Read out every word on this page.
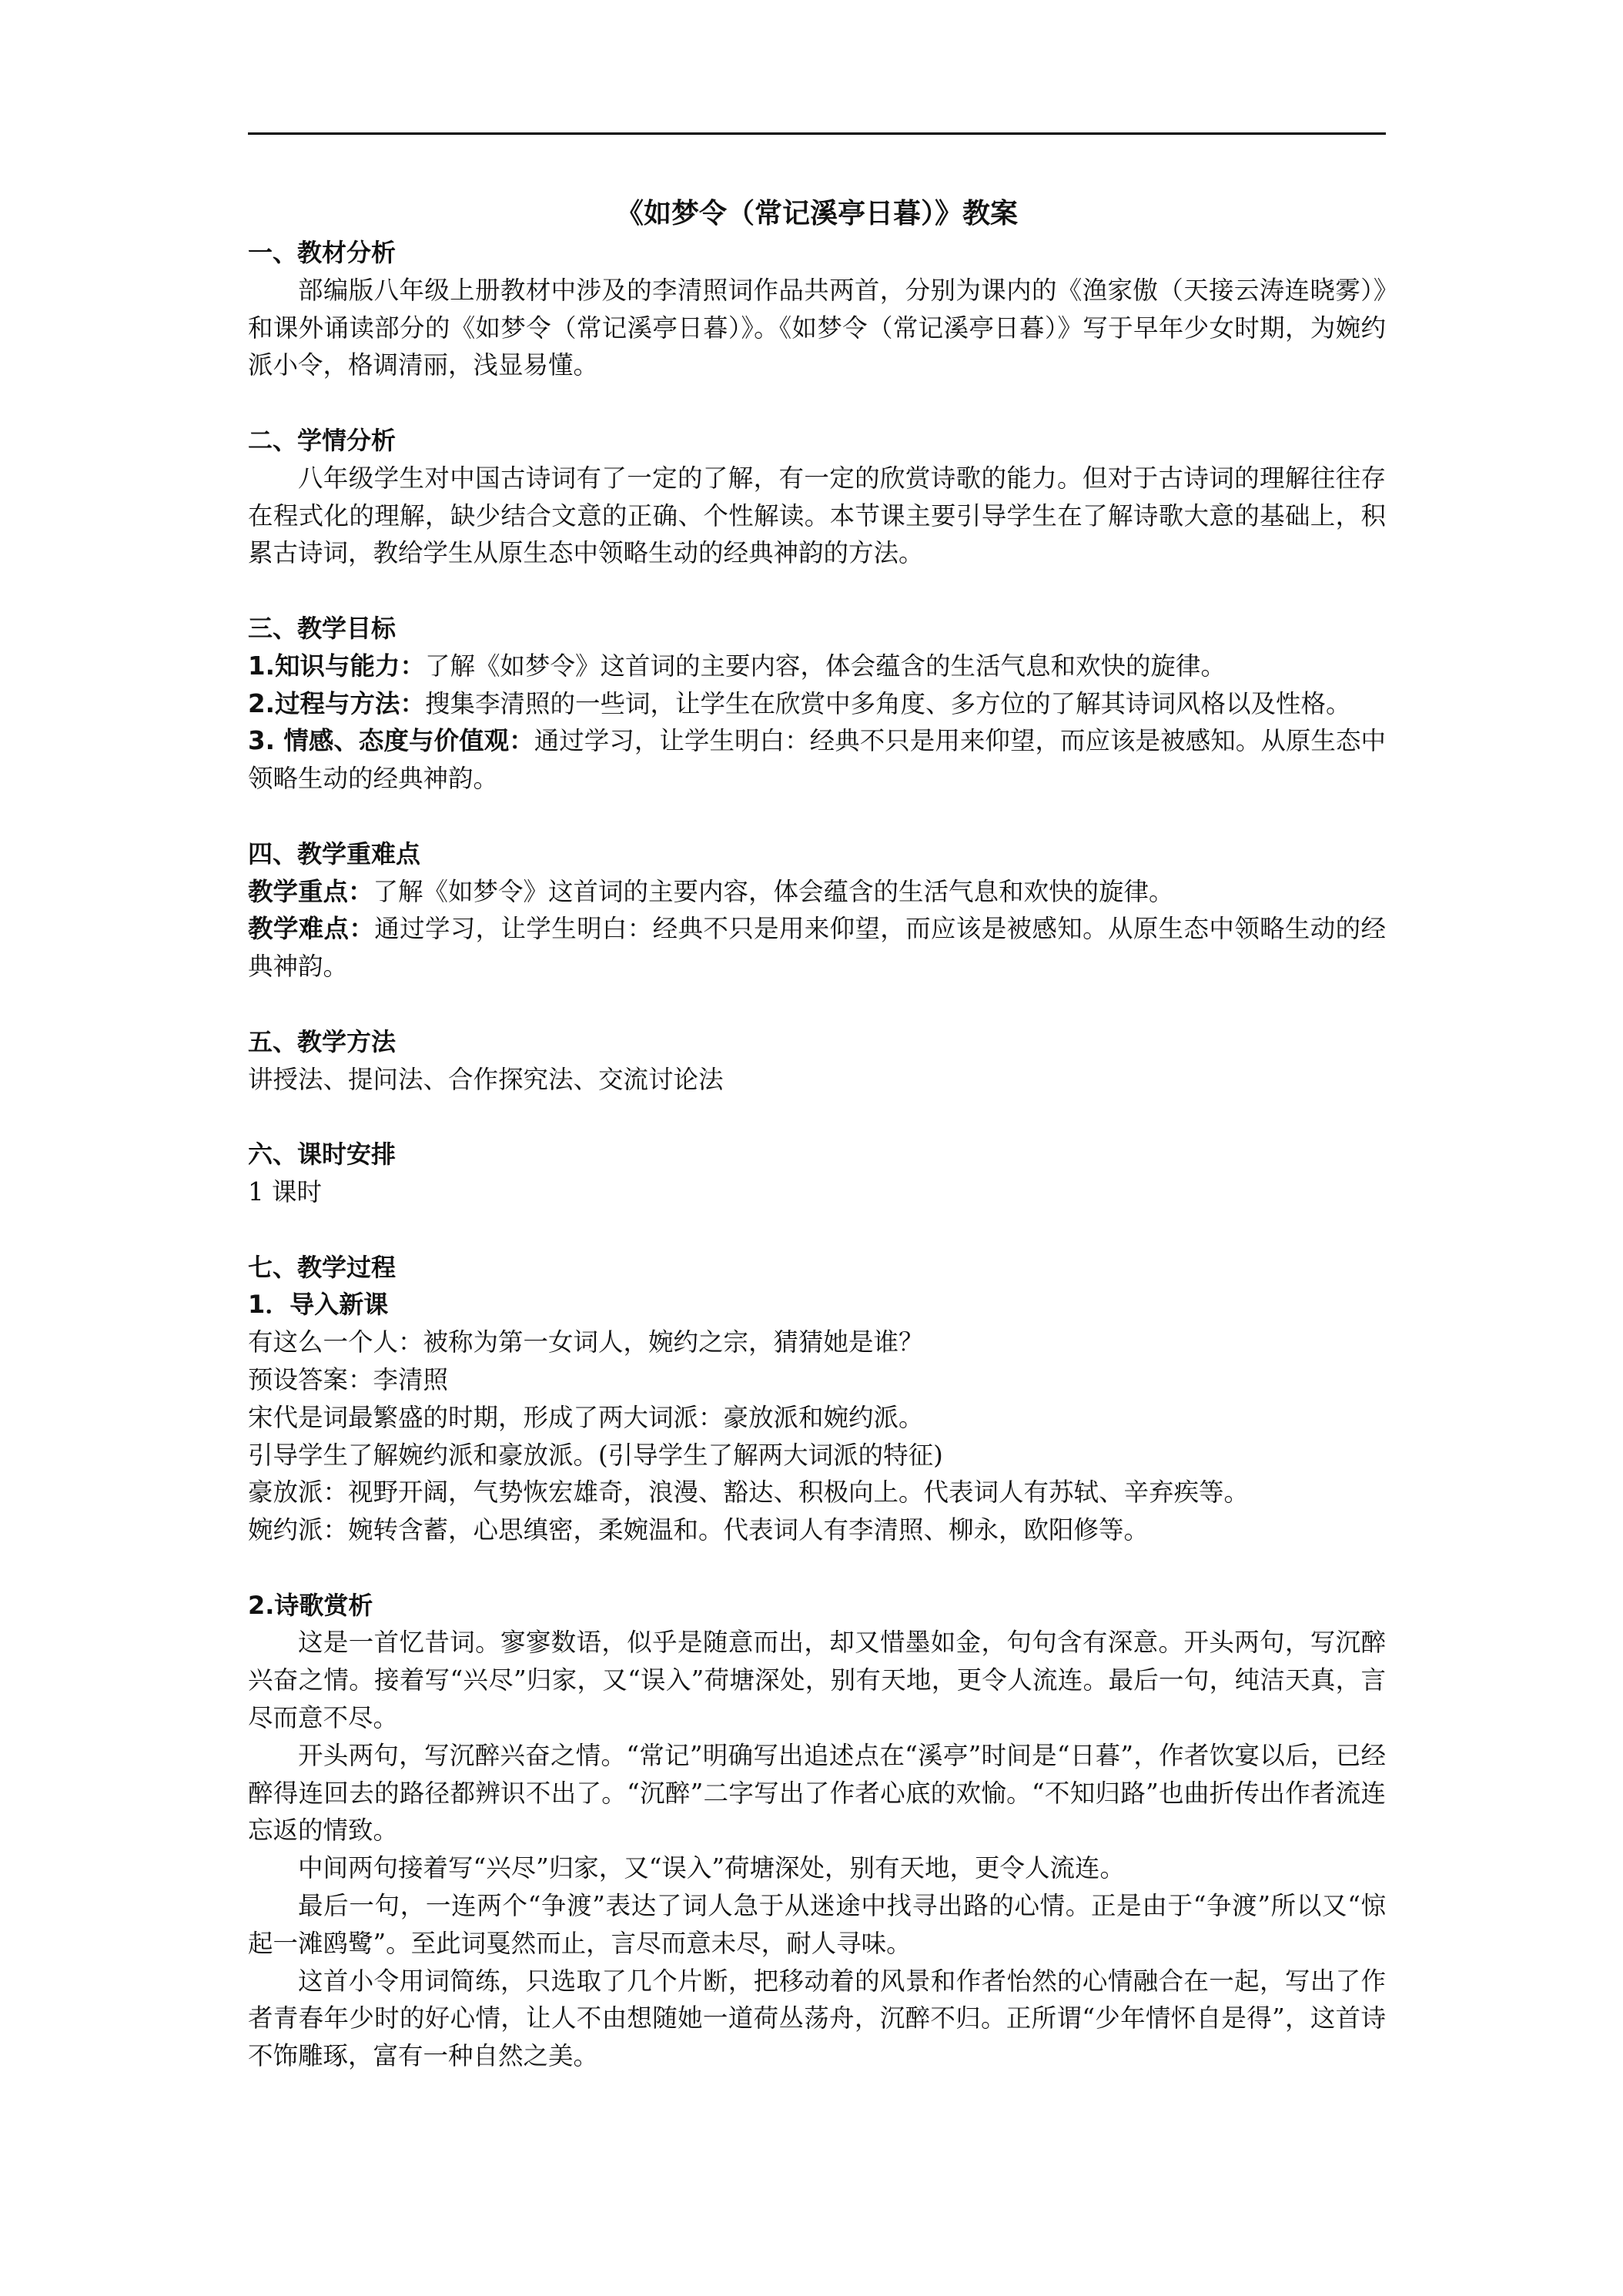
《如梦令（常记溪亭日暮）》教案
一、教材分析

部编版八年级上册教材中涉及的李清照词作品共两首，分别为课内的《渔家傲（天接云涛连晓雾）》和课外诵读部分的《如梦令（常记溪亭日暮）》。《如梦令（常记溪亭日暮）》写于早年少女时期，为婉约派小令，格调清丽，浅显易懂。

二、学情分析

八年级学生对中国古诗词有了一定的了解，有一定的欣赏诗歌的能力。但对于古诗词的理解往往存在程式化的理解，缺少结合文意的正确、个性解读。本节课主要引导学生在了解诗歌大意的基础上，积累古诗词，教给学生从原生态中领略生动的经典神韵的方法。

三、教学目标

1.知识与能力：了解《如梦令》这首词的主要内容，体会蕴含的生活气息和欢快的旋律。

2.过程与方法：搜集李清照的一些词，让学生在欣赏中多角度、多方位的了解其诗词风格以及性格。

3. 情感、态度与价值观：通过学习，让学生明白：经典不只是用来仰望，而应该是被感知。从原生态中领略生动的经典神韵。

四、教学重难点

教学重点：了解《如梦令》这首词的主要内容，体会蕴含的生活气息和欢快的旋律。

教学难点：通过学习，让学生明白：经典不只是用来仰望，而应该是被感知。从原生态中领略生动的经典神韵。

五、教学方法

讲授法、提问法、合作探究法、交流讨论法

六、课时安排

1 课时

七、教学过程
1．导入新课

有这么一个人：被称为第一女词人，婉约之宗，猜猜她是谁？

预设答案：李清照

宋代是词最繁盛的时期，形成了两大词派：豪放派和婉约派。

引导学生了解婉约派和豪放派。(引导学生了解两大词派的特征)

豪放派：视野开阔，气势恢宏雄奇，浪漫、豁达、积极向上。代表词人有苏轼、辛弃疾等。

婉约派：婉转含蓄，心思缜密，柔婉温和。代表词人有李清照、柳永，欧阳修等。

2.诗歌赏析

这是一首忆昔词。寥寥数语，似乎是随意而出，却又惜墨如金，句句含有深意。开头两句，写沉醉兴奋之情。接着写“兴尽”归家，又“误入”荷塘深处，别有天地，更令人流连。最后一句，纯洁天真，言尽而意不尽。

开头两句，写沉醉兴奋之情。“常记”明确写出追述点在“溪亭”时间是“日暮”，作者饮宴以后，已经醉得连回去的路径都辨识不出了。“沉醉”二字写出了作者心底的欢愉。“不知归路”也曲折传出作者流连忘返的情致。

中间两句接着写“兴尽”归家，又“误入”荷塘深处，别有天地，更令人流连。

最后一句，一连两个“争渡”表达了词人急于从迷途中找寻出路的心情。正是由于“争渡”所以又“惊起一滩鸥鹭”。至此词戛然而止，言尽而意未尽，耐人寻味。

这首小令用词简练，只选取了几个片断，把移动着的风景和作者怡然的心情融合在一起，写出了作者青春年少时的好心情，让人不由想随她一道荷丛荡舟，沉醉不归。正所谓“少年情怀自是得”，这首诗不饰雕琢，富有一种自然之美。
